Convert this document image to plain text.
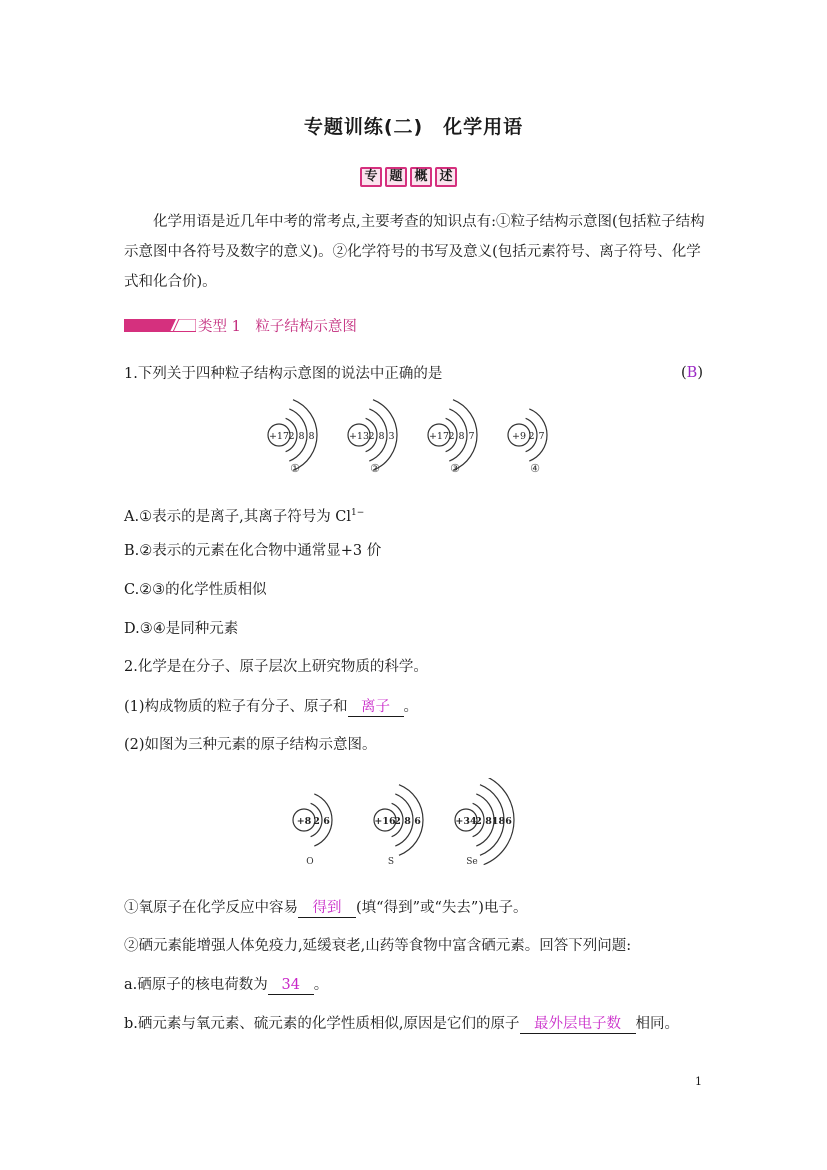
专题训练(二)　化学用语
专 题 概 述
化学用语是近几年中考的常考点,主要考查的知识点有:①粒子结构示意图(包括粒子结构示意图中各符号及数字的意义)。②化学符号的书写及意义(包括元素符号、离子符号、化学式和化合价)。
类型 1　粒子结构示意图
1.下列关于四种粒子结构示意图的说法中正确的是	(B)
+17 2 8 8
①
+13 2 8 3
②
+17 2 8 7
③
+9 2 7
④
A.①表示的是离子,其离子符号为 $Cl^{1-}$
B.②表示的元素在化合物中通常显+3 价
C.②③的化学性质相似
D.③④是同种元素
2.化学是在分子、原子层次上研究物质的科学。
(1)构成物质的粒子有分子、原子和 离子 。
(2)如图为三种元素的原子结构示意图。
+8 2 6
O
+16
2 8 6
S
+34
2 8 18 6
Se
①氧原子在化学反应中容易 得到 (填“得到”或“失去”)电子。
②硒元素能增强人体免疫力,延缓衰老,山药等食物中富含硒元素。回答下列问题:
a.硒原子的核电荷数为 34 。
b.硒元素与氧元素、硫元素的化学性质相似,原因是它们的原子 最外层电子数 相同。
1
